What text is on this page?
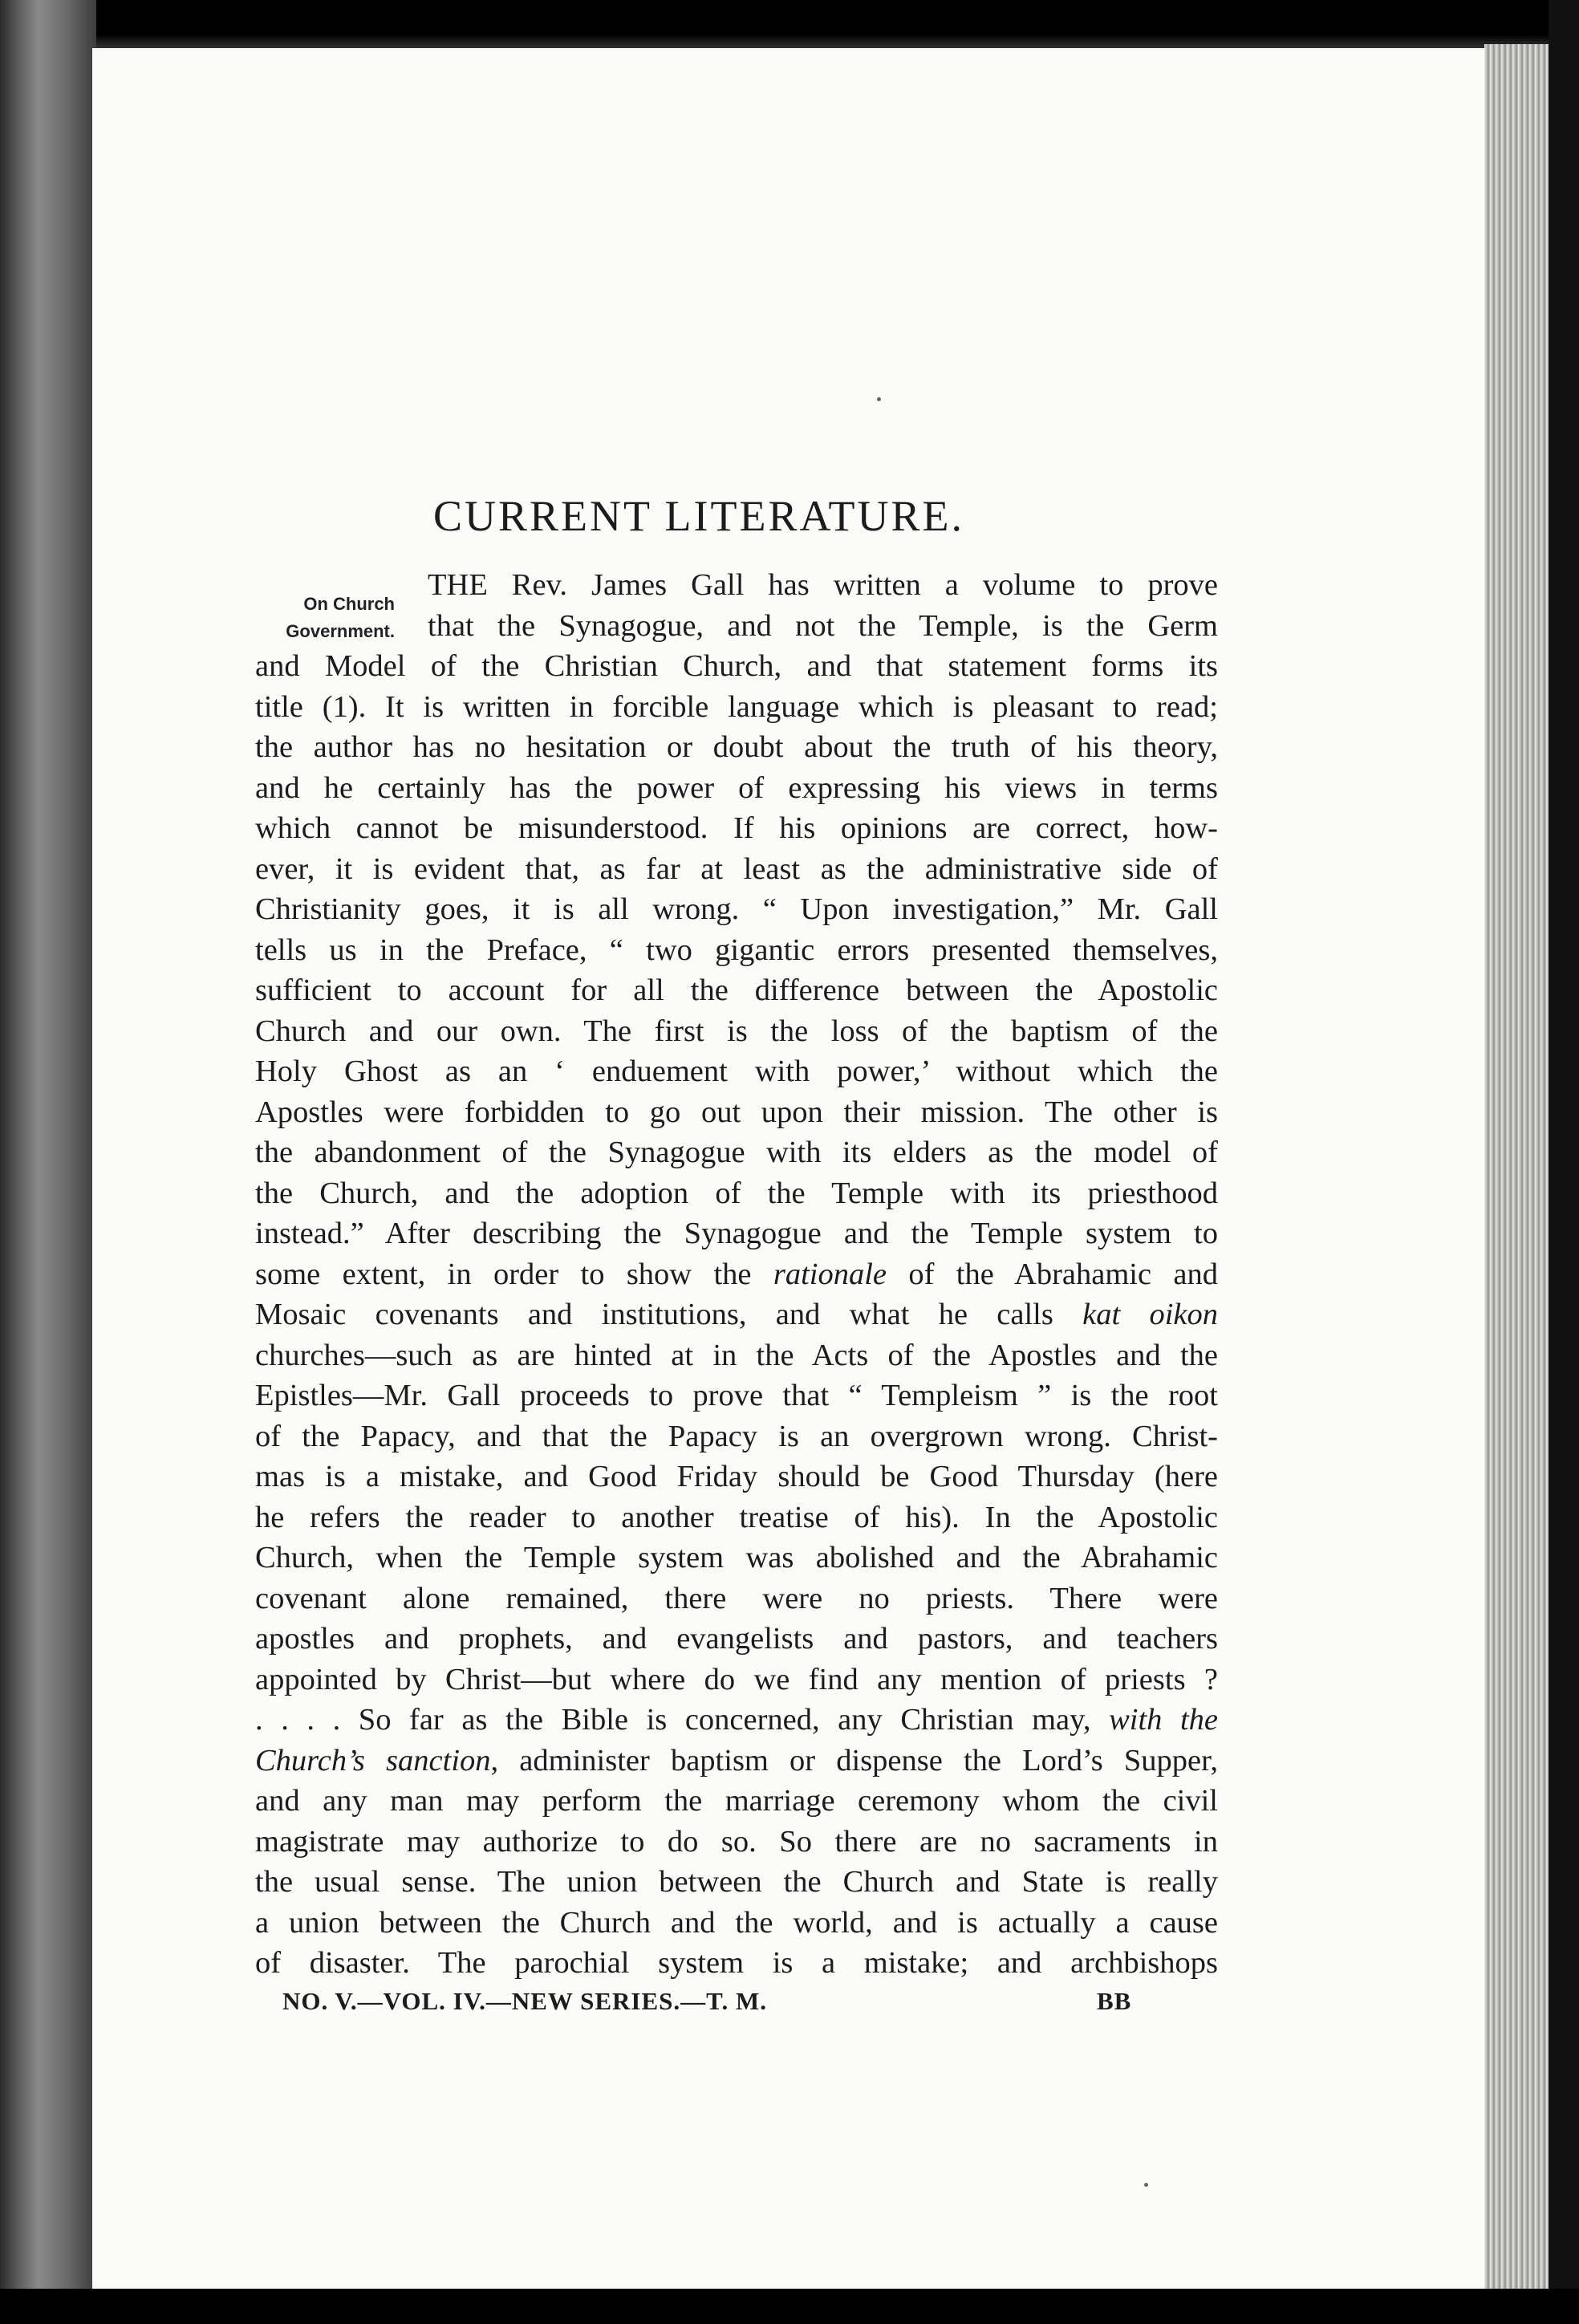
CURRENT LITERATURE.
On Church
Government.
THE Rev. James Gall has written a volume to prove
that the Synagogue, and not the Temple, is the Germ
and Model of the Christian Church, and that statement forms its
title (1). It is written in forcible language which is pleasant to read;
the author has no hesitation or doubt about the truth of his theory,
and he certainly has the power of expressing his views in terms
which cannot be misunderstood. If his opinions are correct, how-
ever, it is evident that, as far at least as the administrative side of
Christianity goes, it is all wrong. “ Upon investigation,” Mr. Gall
tells us in the Preface, “ two gigantic errors presented themselves,
sufficient to account for all the difference between the Apostolic
Church and our own. The first is the loss of the baptism of the
Holy Ghost as an ‘ enduement with power,’ without which the
Apostles were forbidden to go out upon their mission. The other is
the abandonment of the Synagogue with its elders as the model of
the Church, and the adoption of the Temple with its priesthood
instead.” After describing the Synagogue and the Temple system to
some extent, in order to show the rationale of the Abrahamic and
Mosaic covenants and institutions, and what he calls kat oikon
churches—such as are hinted at in the Acts of the Apostles and the
Epistles—Mr. Gall proceeds to prove that “ Templeism ” is the root
of the Papacy, and that the Papacy is an overgrown wrong. Christ-
mas is a mistake, and Good Friday should be Good Thursday (here
he refers the reader to another treatise of his). In the Apostolic
Church, when the Temple system was abolished and the Abrahamic
covenant alone remained, there were no priests. There were
apostles and prophets, and evangelists and pastors, and teachers
appointed by Christ—but where do we find any mention of priests ?
. . . . So far as the Bible is concerned, any Christian may, with the
Church’s sanction, administer baptism or dispense the Lord’s Supper,
and any man may perform the marriage ceremony whom the civil
magistrate may authorize to do so. So there are no sacraments in
the usual sense. The union between the Church and State is really
a union between the Church and the world, and is actually a cause
of disaster. The parochial system is a mistake; and archbishops
NO. V.—VOL. IV.—NEW SERIES.—T. M.	BB
